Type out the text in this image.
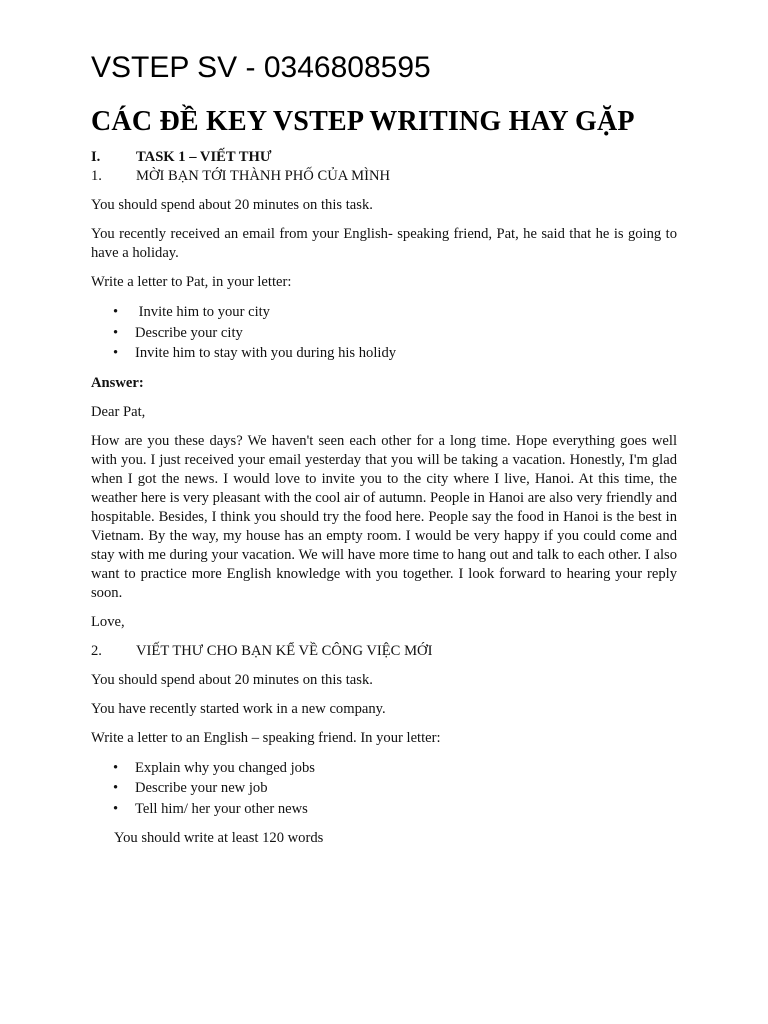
VSTEP SV - 0346808595
CÁC ĐỀ KEY VSTEP WRITING HAY GẶP
I.	TASK 1 – VIẾT THƯ
1.	MỜI BẠN TỚI THÀNH PHỐ CỦA MÌNH

You should spend about 20 minutes on this task.

You recently received an email from your English- speaking friend, Pat, he said that he is going to have a holiday.

Write a letter to Pat, in your letter:

•	Invite him to your city
•	Describe your city
•	Invite him to stay with you during his holidy

Answer:

Dear Pat,

How are you these days? We haven't seen each other for a long time. Hope everything goes well with you. I just received your email yesterday that you will be taking a vacation. Honestly, I'm glad when I got the news. I would love to invite you to the city where I live, Hanoi. At this time, the weather here is very pleasant with the cool air of autumn. People in Hanoi are also very friendly and hospitable. Besides, I think you should try the food here. People say the food in Hanoi is the best in Vietnam. By the way, my house has an empty room. I would be very happy if you could come and stay with me during your vacation. We will have more time to hang out and talk to each other. I also want to practice more English knowledge with you together. I look forward to hearing your reply soon.

Love,

2.	VIẾT THƯ CHO BẠN KỂ VỀ CÔNG VIỆC MỚI

You should spend about 20 minutes on this task.

You have recently started work in a new company.

Write a letter to an English – speaking friend. In your letter:

•	Explain why you changed jobs
•	Describe your new job
•	Tell him/ her your other news

You should write at least 120 words
